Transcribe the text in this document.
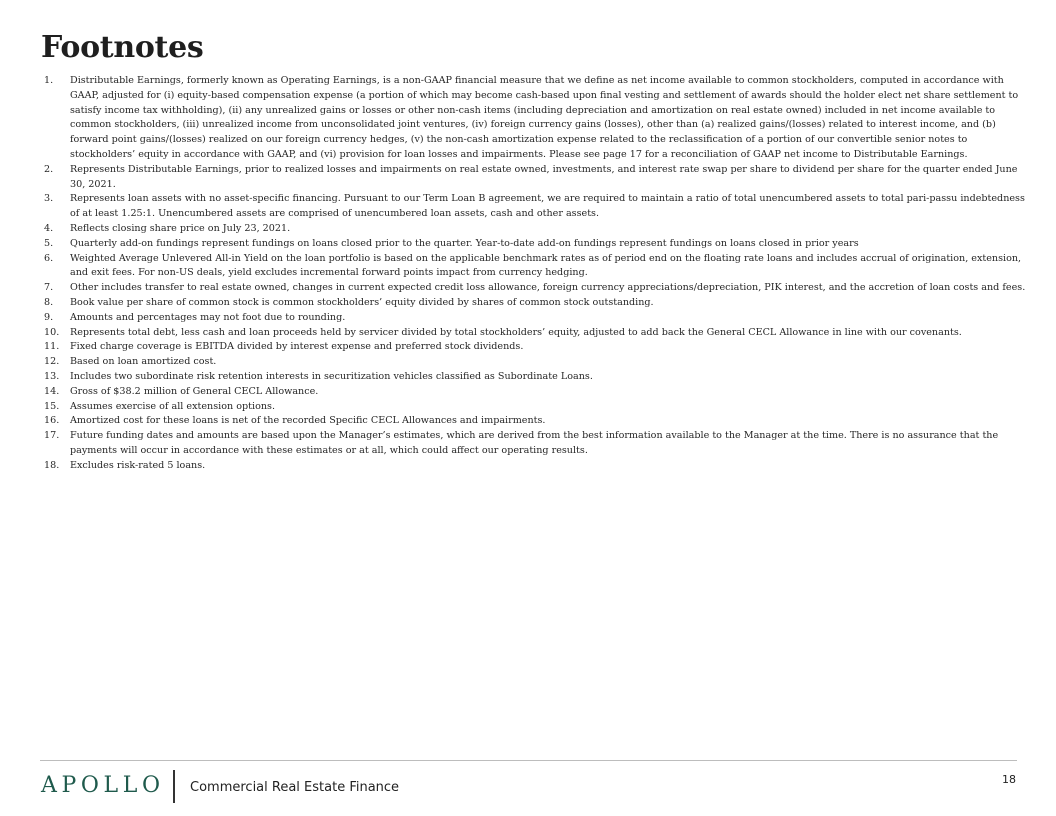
Footnotes
1. Distributable Earnings, formerly known as Operating Earnings, is a non-GAAP financial measure that we define as net income available to common stockholders, computed in accordance with GAAP, adjusted for (i) equity-based compensation expense (a portion of which may become cash-based upon final vesting and settlement of awards should the holder elect net share settlement to satisfy income tax withholding), (ii) any unrealized gains or losses or other non-cash items (including depreciation and amortization on real estate owned) included in net income available to common stockholders, (iii) unrealized income from unconsolidated joint ventures, (iv) foreign currency gains (losses), other than (a) realized gains/(losses) related to interest income, and (b) forward point gains/(losses) realized on our foreign currency hedges, (v) the non-cash amortization expense related to the reclassification of a portion of our convertible senior notes to stockholders’ equity in accordance with GAAP, and (vi) provision for loan losses and impairments. Please see page 17 for a reconciliation of GAAP net income to Distributable Earnings.
2. Represents Distributable Earnings, prior to realized losses and impairments on real estate owned, investments, and interest rate swap per share to dividend per share for the quarter ended June 30, 2021.
3. Represents loan assets with no asset-specific financing. Pursuant to our Term Loan B agreement, we are required to maintain a ratio of total unencumbered assets to total pari-passu indebtedness of at least 1.25:1. Unencumbered assets are comprised of unencumbered loan assets, cash and other assets.
4. Reflects closing share price on July 23, 2021.
5. Quarterly add-on fundings represent fundings on loans closed prior to the quarter. Year-to-date add-on fundings represent fundings on loans closed in prior years
6. Weighted Average Unlevered All-in Yield on the loan portfolio is based on the applicable benchmark rates as of period end on the floating rate loans and includes accrual of origination, extension, and exit fees. For non-US deals, yield excludes incremental forward points impact from currency hedging.
7. Other includes transfer to real estate owned, changes in current expected credit loss allowance, foreign currency appreciations/depreciation, PIK interest, and the accretion of loan costs and fees.
8. Book value per share of common stock is common stockholders’ equity divided by shares of common stock outstanding.
9. Amounts and percentages may not foot due to rounding.
10. Represents total debt, less cash and loan proceeds held by servicer divided by total stockholders’ equity, adjusted to add back the General CECL Allowance in line with our covenants.
11. Fixed charge coverage is EBITDA divided by interest expense and preferred stock dividends.
12. Based on loan amortized cost.
13. Includes two subordinate risk retention interests in securitization vehicles classified as Subordinate Loans.
14. Gross of $38.2 million of General CECL Allowance.
15. Assumes exercise of all extension options.
16. Amortized cost for these loans is net of the recorded Specific CECL Allowances and impairments.
17. Future funding dates and amounts are based upon the Manager’s estimates, which are derived from the best information available to the Manager at the time. There is no assurance that the payments will occur in accordance with these estimates or at all, which could affect our operating results.
18. Excludes risk-rated 5 loans.
APOLLO Commercial Real Estate Finance
18
